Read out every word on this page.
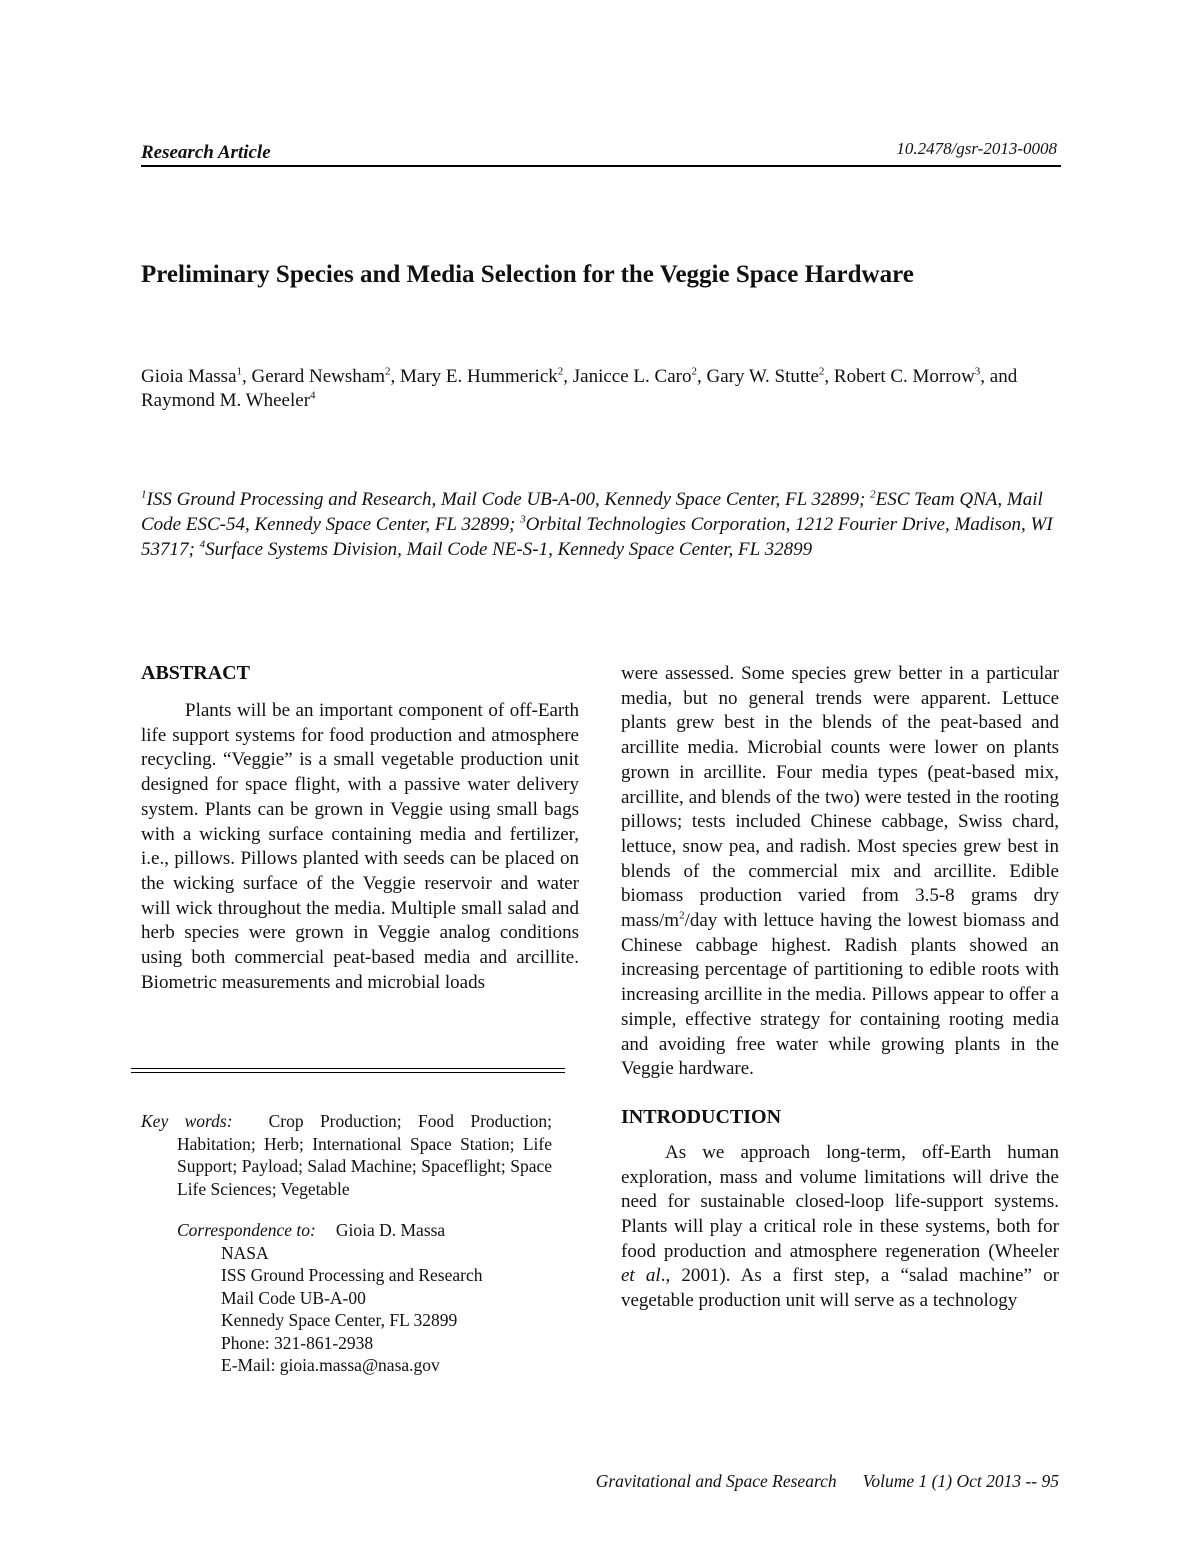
Research Article	10.2478/gsr-2013-0008
Preliminary Species and Media Selection for the Veggie Space Hardware
Gioia Massa$^1$, Gerard Newsham$^2$, Mary E. Hummerick$^2$, Janicce L. Caro$^2$, Gary W. Stutte$^2$, Robert C. Morrow$^3$, and Raymond M. Wheeler$^4$
$^1$ISS Ground Processing and Research, Mail Code UB-A-00, Kennedy Space Center, FL 32899; $^2$ESC Team QNA, Mail Code ESC-54, Kennedy Space Center, FL 32899; $^3$Orbital Technologies Corporation, 1212 Fourier Drive, Madison, WI 53717; $^4$Surface Systems Division, Mail Code NE-S-1, Kennedy Space Center, FL 32899
ABSTRACT

Plants will be an important component of off-Earth life support systems for food production and atmosphere recycling. “Veggie” is a small vegetable production unit designed for space flight, with a passive water delivery system. Plants can be grown in Veggie using small bags with a wicking surface containing media and fertilizer, i.e., pillows. Pillows planted with seeds can be placed on the wicking surface of the Veggie reservoir and water will wick throughout the media. Multiple small salad and herb species were grown in Veggie analog conditions using both commercial peat-based media and arcillite. Biometric measurements and microbial loads

Key words: Crop Production; Food Production; Habitation; Herb; International Space Station; Life Support; Payload; Salad Machine; Spaceflight; Space Life Sciences; Vegetable
Correspondence to: Gioia D. Massa
NASA
ISS Ground Processing and Research
Mail Code UB-A-00
Kennedy Space Center, FL 32899
Phone: 321-861-2938
E-Mail: gioia.massa@nasa.gov

were assessed. Some species grew better in a particular media, but no general trends were apparent. Lettuce plants grew best in the blends of the peat-based and arcillite media. Microbial counts were lower on plants grown in arcillite. Four media types (peat-based mix, arcillite, and blends of the two) were tested in the rooting pillows; tests included Chinese cabbage, Swiss chard, lettuce, snow pea, and radish. Most species grew best in blends of the commercial mix and arcillite. Edible biomass production varied from 3.5-8 grams dry mass/$m^2$/day with lettuce having the lowest biomass and Chinese cabbage highest. Radish plants showed an increasing percentage of partitioning to edible roots with increasing arcillite in the media. Pillows appear to offer a simple, effective strategy for containing rooting media and avoiding free water while growing plants in the Veggie hardware.

INTRODUCTION

As we approach long-term, off-Earth human exploration, mass and volume limitations will drive the need for sustainable closed-loop life-support systems. Plants will play a critical role in these systems, both for food production and atmosphere regeneration (Wheeler et al., 2001). As a first step, a “salad machine” or vegetable production unit will serve as a technology

Gravitational and Space Research Volume 1 (1) Oct 2013 -- 95
